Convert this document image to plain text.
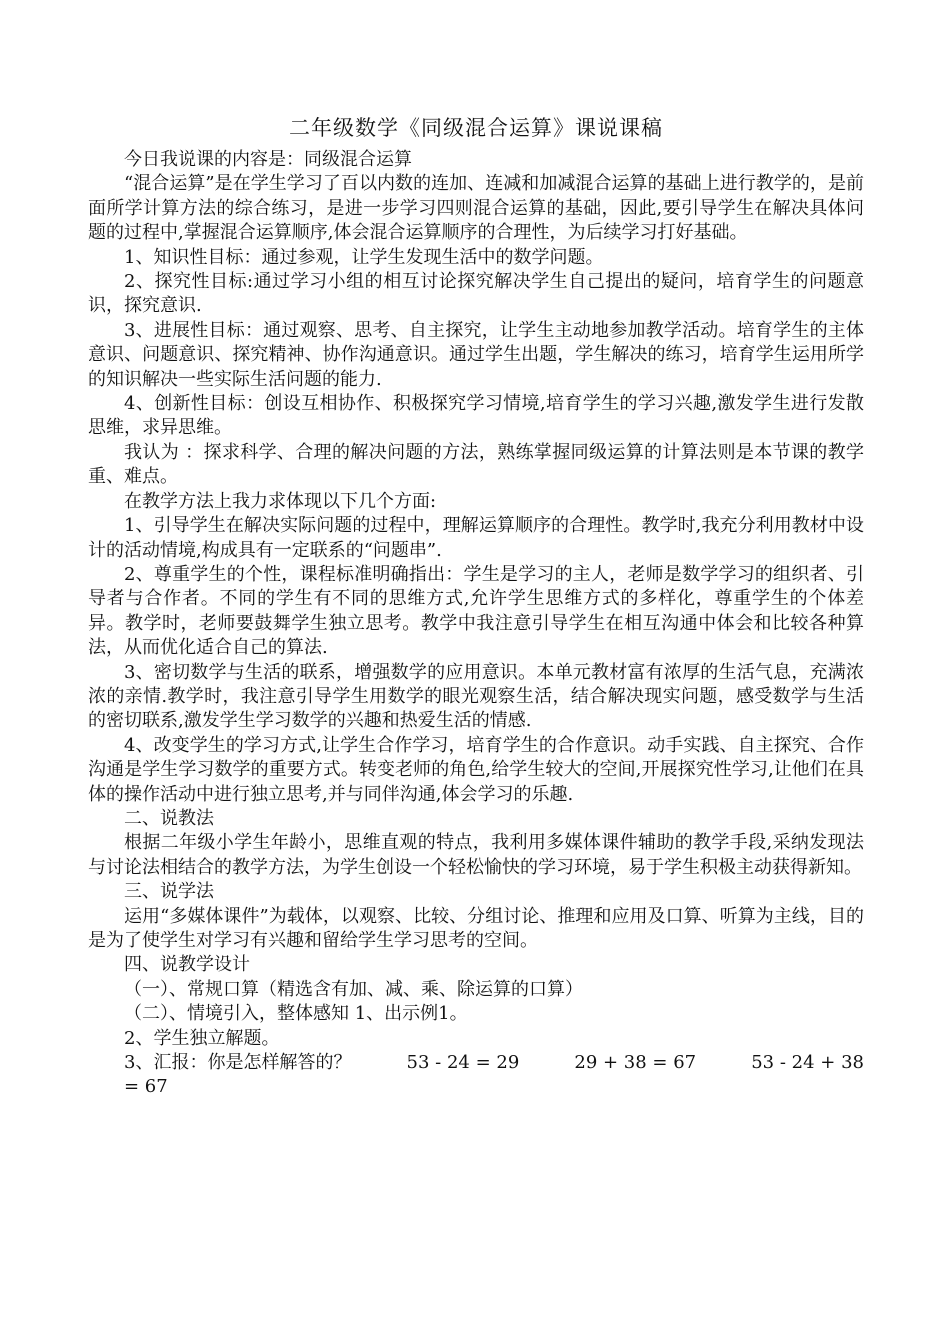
二年级数学《同级混合运算》课说课稿

今日我说课的内容是：同级混合运算

“混合运算”是在学生学习了百以内数的连加、连减和加减混合运算的基础上进行教学的，是前面所学计算方法的综合练习，是进一步学习四则混合运算的基础，因此,要引导学生在解决具体问题的过程中,掌握混合运算顺序,体会混合运算顺序的合理性，为后续学习打好基础。

1、知识性目标：通过参观，让学生发现生活中的数学问题。

2、探究性目标:通过学习小组的相互讨论探究解决学生自己提出的疑问，培育学生的问题意识，探究意识.

3、进展性目标：通过观察、思考、自主探究，让学生主动地参加教学活动。培育学生的主体意识、问题意识、探究精神、协作沟通意识。通过学生出题，学生解决的练习，培育学生运用所学的知识解决一些实际生活问题的能力.

4、创新性目标：创设互相协作、积极探究学习情境,培育学生的学习兴趣,激发学生进行发散思维，求异思维。

我认为 ：探求科学、合理的解决问题的方法，熟练掌握同级运算的计算法则是本节课的教学重、难点。

在教学方法上我力求体现以下几个方面:

1、引导学生在解决实际问题的过程中，理解运算顺序的合理性。教学时,我充分利用教材中设计的活动情境,构成具有一定联系的“问题串”.

2、尊重学生的个性，课程标准明确指出：学生是学习的主人，老师是数学学习的组织者、引导者与合作者。不同的学生有不同的思维方式,允许学生思维方式的多样化，尊重学生的个体差异。教学时，老师要鼓舞学生独立思考。教学中我注意引导学生在相互沟通中体会和比较各种算法，从而优化适合自己的算法.

3、密切数学与生活的联系，增强数学的应用意识。本单元教材富有浓厚的生活气息，充满浓浓的亲情.教学时，我注意引导学生用数学的眼光观察生活，结合解决现实问题，感受数学与生活的密切联系,激发学生学习数学的兴趣和热爱生活的情感.

4、改变学生的学习方式,让学生合作学习，培育学生的合作意识。动手实践、自主探究、合作沟通是学生学习数学的重要方式。转变老师的角色,给学生较大的空间,开展探究性学习,让他们在具体的操作活动中进行独立思考,并与同伴沟通,体会学习的乐趣.

二、说教法

根据二年级小学生年龄小，思维直观的特点，我利用多媒体课件辅助的教学手段,采纳发现法与讨论法相结合的教学方法，为学生创设一个轻松愉快的学习环境，易于学生积极主动获得新知。

三、说学法

运用“多媒体课件”为载体，以观察、比较、分组讨论、推理和应用及口算、听算为主线，目的是为了使学生对学习有兴趣和留给学生学习思考的空间。

四、说教学设计

（一）、常规口算（精选含有加、减、乘、除运算的口算）

（二）、情境引入，整体感知 1、出示例1。

2、学生独立解题。

3、汇报：你是怎样解答的？	53 - 24 = 29	29 + 38 = 67	53 - 24 + 38

= 67
